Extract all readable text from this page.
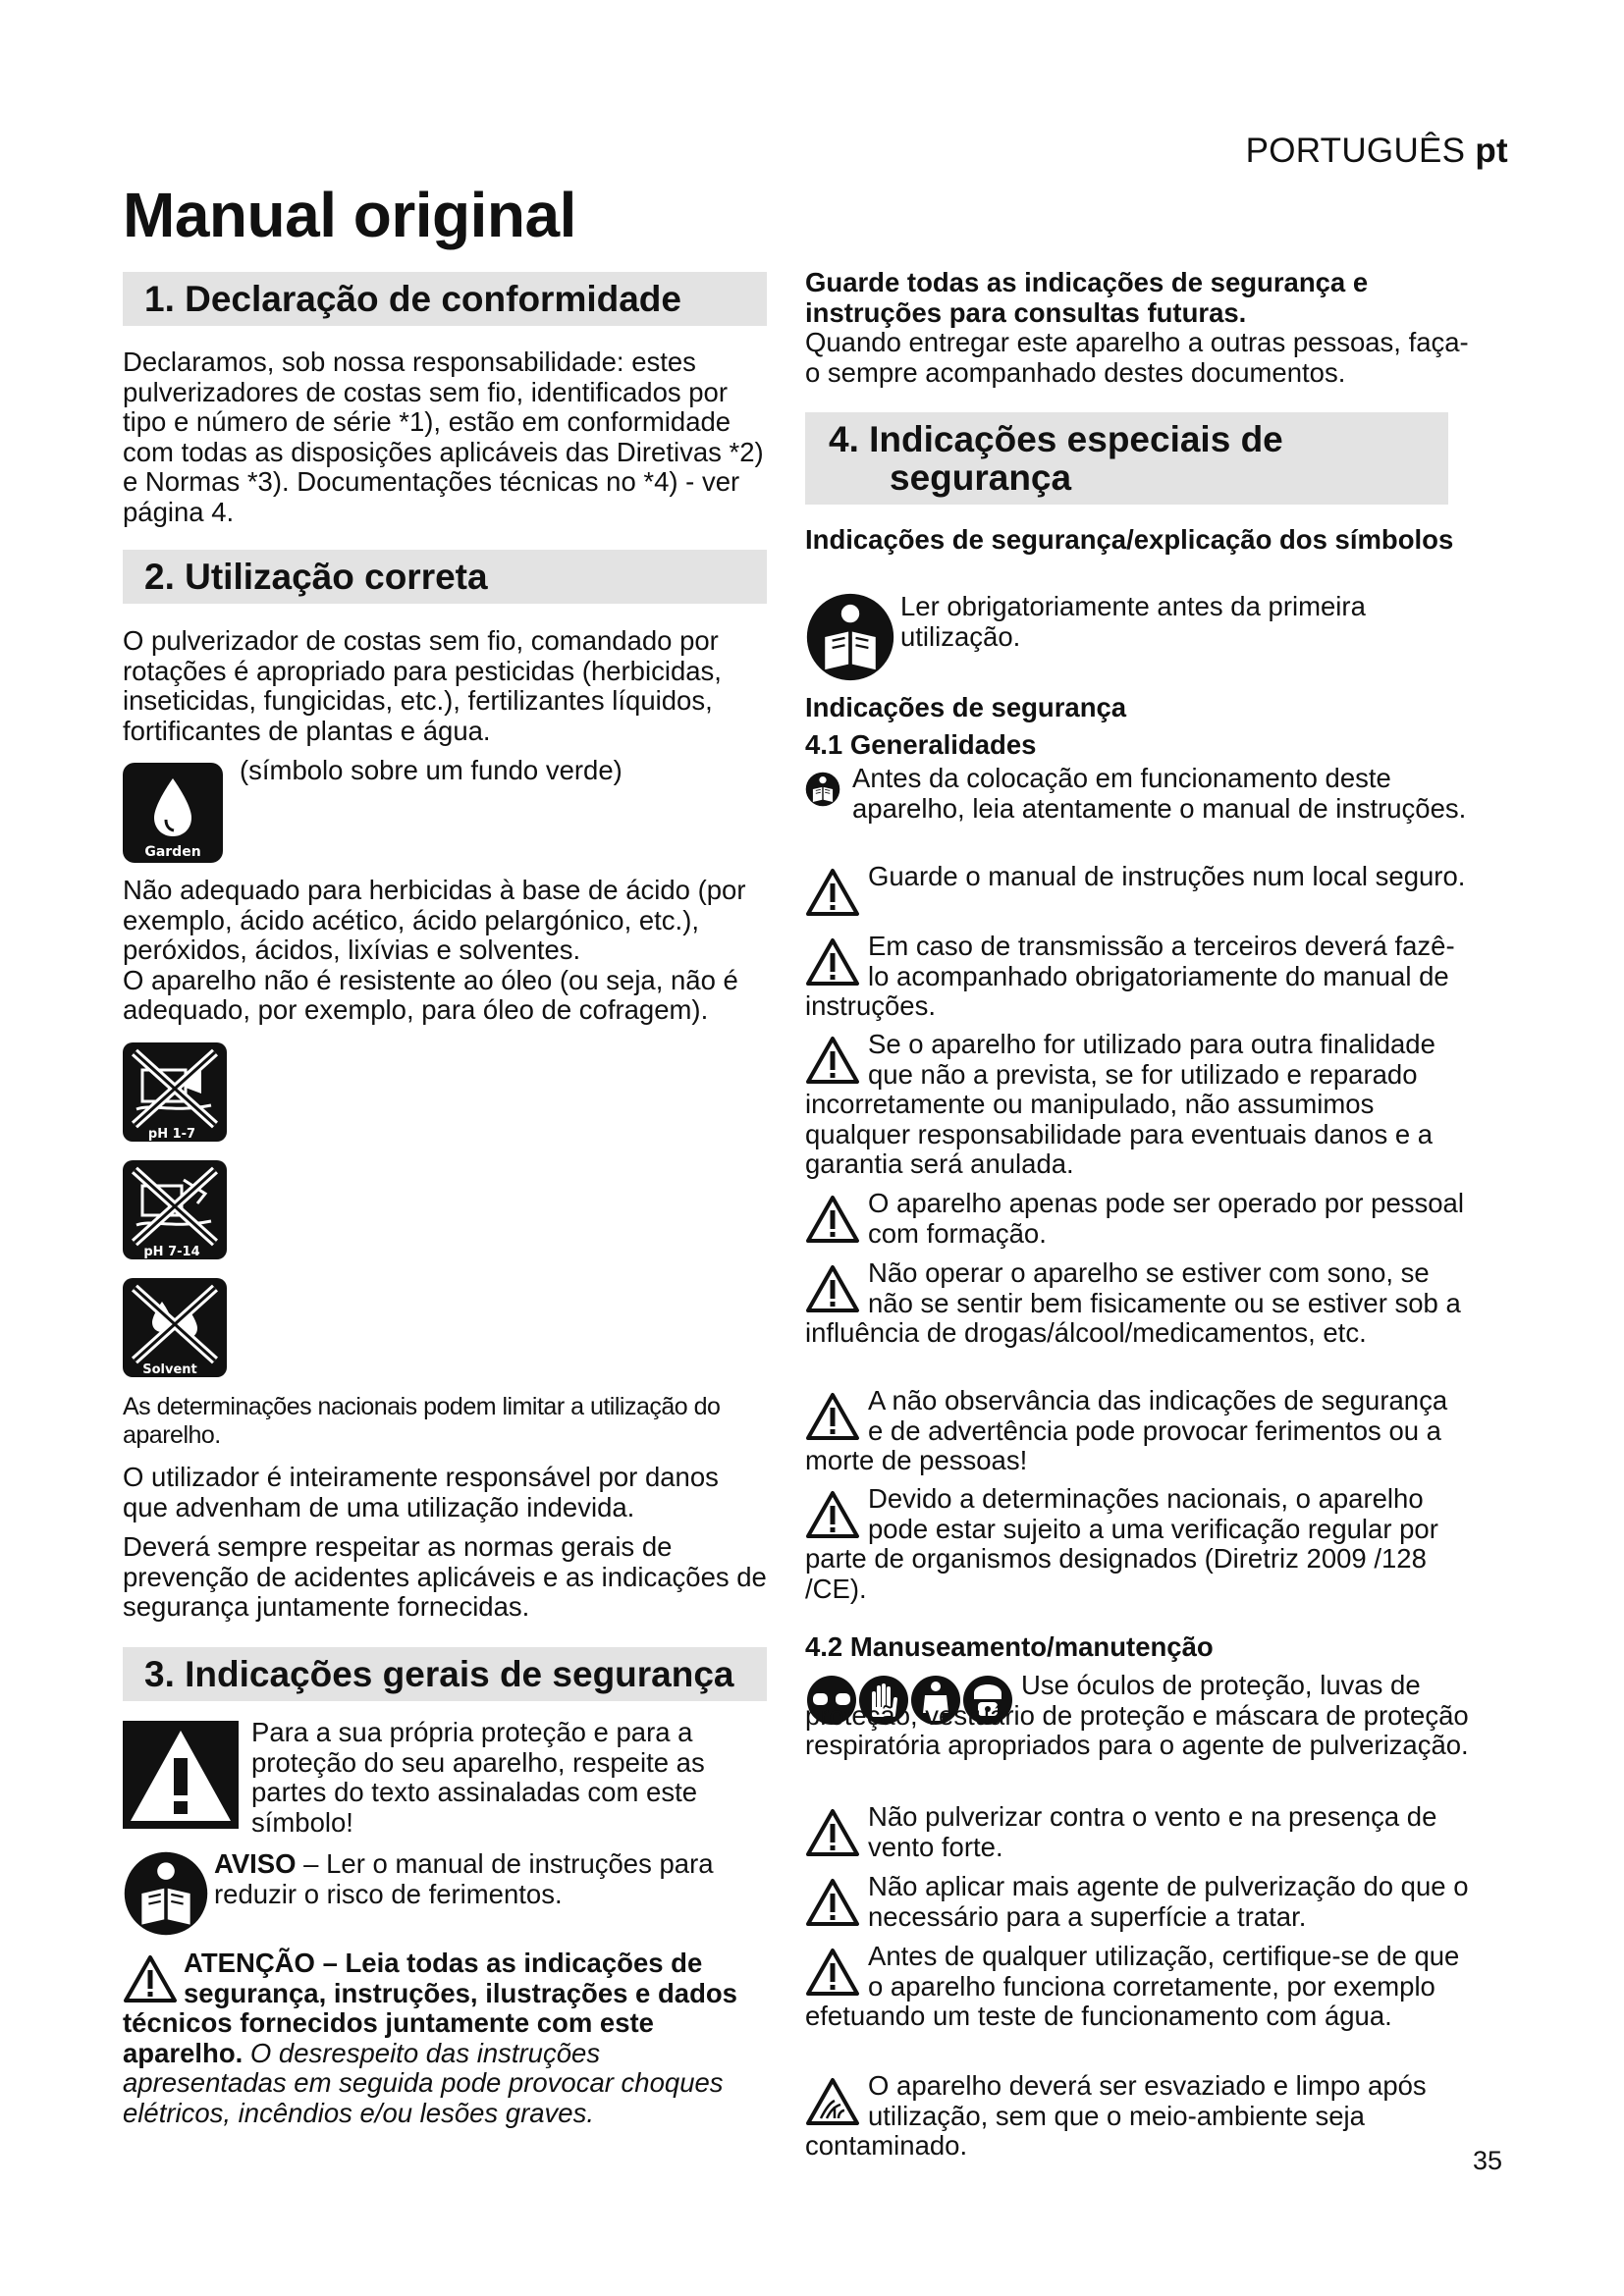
PORTUGUÊS pt
Manual original
1. Declaração de conformidade
Declaramos, sob nossa responsabilidade: estes pulverizadores de costas sem fio, identificados por tipo e número de série *1), estão em conformidade com todas as disposições aplicáveis das Diretivas *2) e Normas *3). Documentações técnicas no *4) - ver página 4.
2. Utilização correta
O pulverizador de costas sem fio, comandado por rotações é apropriado para pesticidas (herbicidas, inseticidas, fungicidas, etc.), fertilizantes líquidos, fortificantes de plantas e água.
Garden
(símbolo sobre um fundo verde)

Não adequado para herbicidas à base de ácido (por exemplo, ácido acético, ácido pelargónico, etc.), peróxidos, ácidos, lixívias e solventes.

O aparelho não é resistente ao óleo (ou seja, não é adequado, por exemplo, para óleo de cofragem).

pH 1-7
pH 7-14
Solvent
As determinações nacionais podem limitar a utilização do aparelho.
O utilizador é inteiramente responsável por danos que advenham de uma utilização indevida.
Deverá sempre respeitar as normas gerais de prevenção de acidentes aplicáveis e as indicações de segurança juntamente fornecidas.
3. Indicações gerais de segurança
Para a sua própria proteção e para a proteção do seu aparelho, respeite as partes do texto assinaladas com este símbolo!
AVISO – Ler o manual de instruções para reduzir o risco de ferimentos.
ATENÇÃO – Leia todas as indicações de segurança, instruções, ilustrações e dados técnicos fornecidos juntamente com este aparelho. O desrespeito das instruções apresentadas em seguida pode provocar choques elétricos, incêndios e/ou lesões graves.

Guarde todas as indicações de segurança e instruções para consultas futuras.

Quando entregar este aparelho a outras pessoas, faça-o sempre acompanhado destes documentos.

4. Indicações especiais de
segurança
Indicações de segurança/explicação dos símbolos
Ler obrigatoriamente antes da primeira utilização.
Indicações de segurança
4.1 Generalidades
Antes da colocação em funcionamento deste aparelho, leia atentamente o manual de instruções.
Guarde o manual de instruções num local seguro.
Em caso de transmissão a terceiros deverá fazê-lo acompanhado obrigatoriamente do manual de instruções.
Se o aparelho for utilizado para outra finalidade que não a prevista, se for utilizado e reparado incorretamente ou manipulado, não assumimos qualquer responsabilidade para eventuais danos e a garantia será anulada.
O aparelho apenas pode ser operado por pessoal com formação.
Não operar o aparelho se estiver com sono, se não se sentir bem fisicamente ou se estiver sob a influência de drogas/álcool/medicamentos, etc.
A não observância das indicações de segurança e de advertência pode provocar ferimentos ou a morte de pessoas!
Devido a determinações nacionais, o aparelho pode estar sujeito a uma verificação regular por parte de organismos designados (Diretriz 2009 /128 /CE).
4.2 Manuseamento/manutenção
Use óculos de proteção, luvas de proteção, vestuário de proteção e máscara de proteção respiratória apropriados para o agente de pulverização.
Não pulverizar contra o vento e na presença de vento forte.
Não aplicar mais agente de pulverização do que o necessário para a superfície a tratar.
Antes de qualquer utilização, certifique-se de que o aparelho funciona corretamente, por exemplo efetuando um teste de funcionamento com água.
O aparelho deverá ser esvaziado e limpo após utilização, sem que o meio-ambiente seja contaminado.	35
